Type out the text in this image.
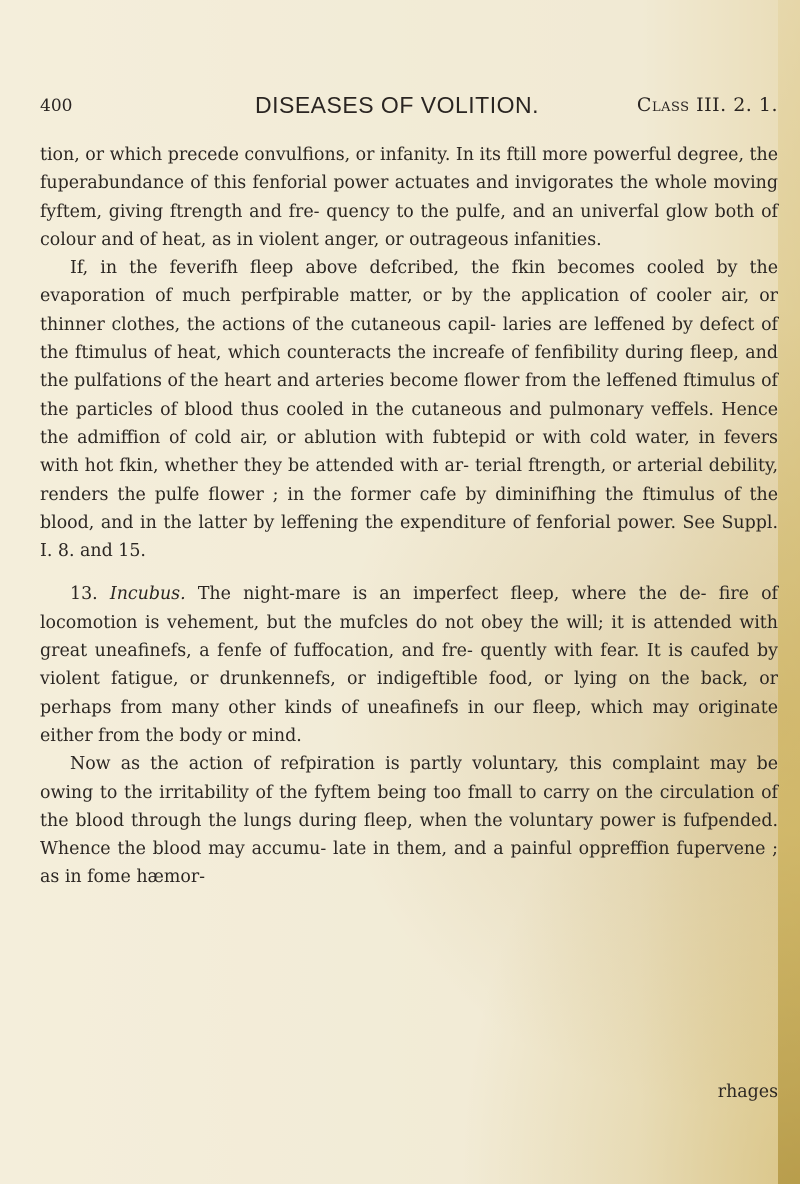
400	DISEASES OF VOLITION.	Class III. 2. 1.

tion, or which precede convulfions, or infanity. In its ftill more powerful degree, the fuperabundance of this fenforial power actuates and invigorates the whole moving fyftem, giving ftrength and fre- quency to the pulfe, and an univerfal glow both of colour and of heat, as in violent anger, or outrageous infanities.

If, in the feverifh fleep above defcribed, the fkin becomes cooled by the evaporation of much perfpirable matter, or by the application of cooler air, or thinner clothes, the actions of the cutaneous capil- laries are leffened by defect of the ftimulus of heat, which counteracts the increafe of fenfibility during fleep, and the pulfations of the heart and arteries become flower from the leffened ftimulus of the particles of blood thus cooled in the cutaneous and pulmonary veffels. Hence the admiffion of cold air, or ablution with fubtepid or with cold water, in fevers with hot fkin, whether they be attended with ar- terial ftrength, or arterial debility, renders the pulfe flower ; in the former cafe by diminifhing the ftimulus of the blood, and in the latter by leffening the expenditure of fenforial power. See Suppl. I. 8. and 15.

13. Incubus. The night-mare is an imperfect fleep, where the de- fire of locomotion is vehement, but the mufcles do not obey the will; it is attended with great uneafinefs, a fenfe of fuffocation, and fre- quently with fear. It is caufed by violent fatigue, or drunkennefs, or indigeftible food, or lying on the back, or perhaps from many other kinds of uneafinefs in our fleep, which may originate either from the body or mind.

Now as the action of refpiration is partly voluntary, this complaint may be owing to the irritability of the fyftem being too fmall to carry on the circulation of the blood through the lungs during fleep, when the voluntary power is fufpended. Whence the blood may accumu- late in them, and a painful oppreffion fupervene ; as in fome hæmor-

rhages
